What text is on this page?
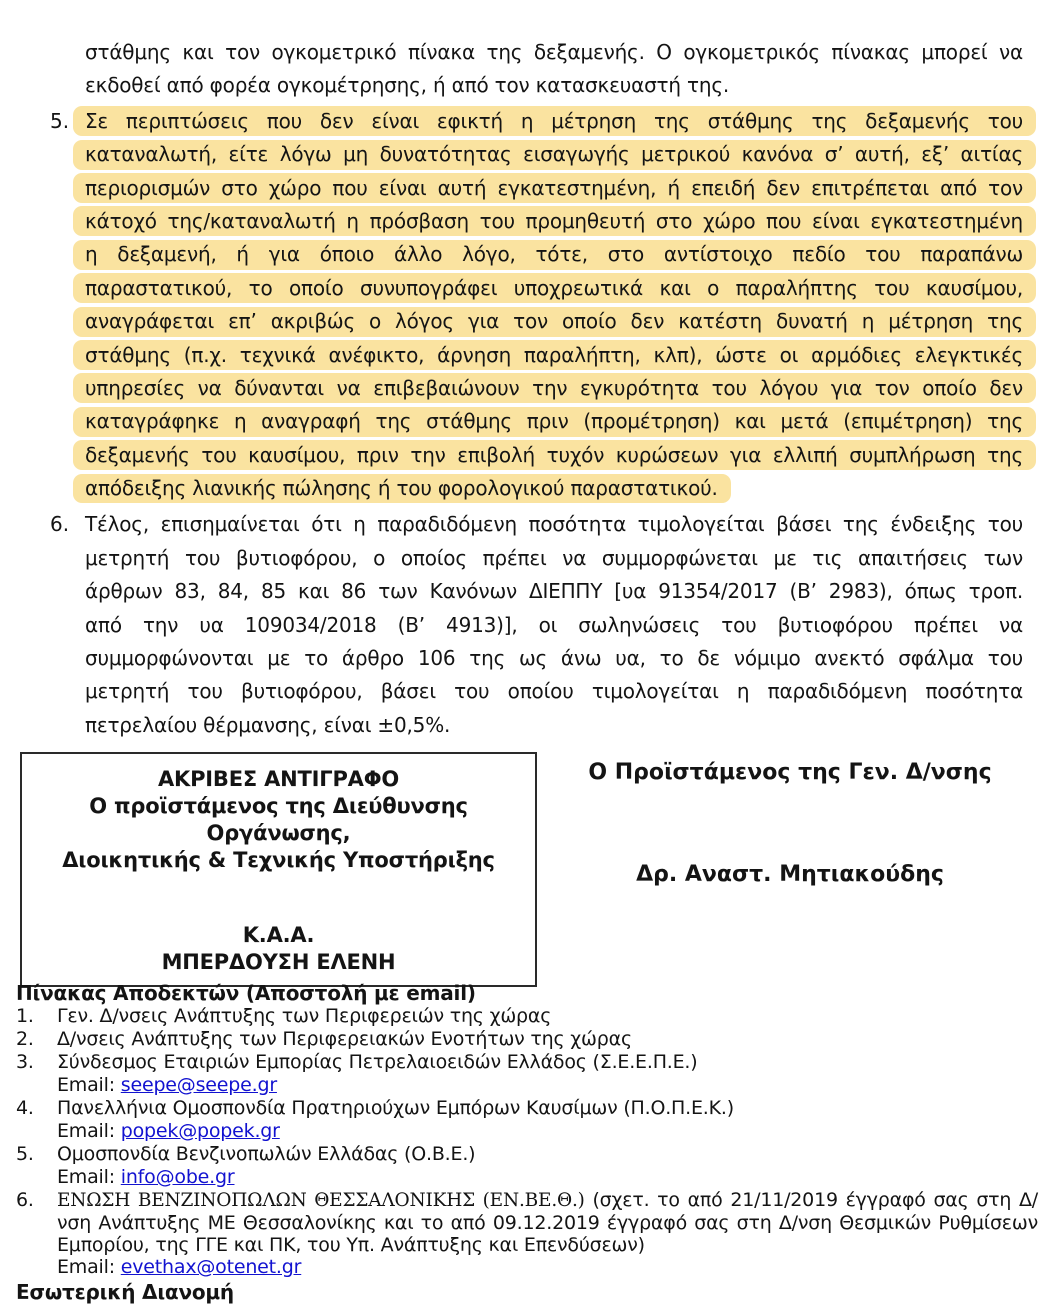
στάθμης και τον ογκομετρικό πίνακα της δεξαμενής. Ο ογκομετρικός πίνακας μπορεί να
εκδοθεί από φορέα ογκομέτρησης, ή από τον κατασκευαστή της.
5. Σε περιπτώσεις που δεν είναι εφικτή η μέτρηση της στάθμης της δεξαμενής του
καταναλωτή, είτε λόγω μη δυνατότητας εισαγωγής μετρικού κανόνα σ’ αυτή, εξ’ αιτίας
περιορισμών στο χώρο που είναι αυτή εγκατεστημένη, ή επειδή δεν επιτρέπεται από τον
κάτοχό της/καταναλωτή η πρόσβαση του προμηθευτή στο χώρο που είναι εγκατεστημένη
η δεξαμενή, ή για όποιο άλλο λόγο, τότε, στο αντίστοιχο πεδίο του παραπάνω
παραστατικού, το οποίο συνυπογράφει υποχρεωτικά και ο παραλήπτης του καυσίμου,
αναγράφεται επ’ ακριβώς ο λόγος για τον οποίο δεν κατέστη δυνατή η μέτρηση της
στάθμης (π.χ. τεχνικά ανέφικτο, άρνηση παραλήπτη, κλπ), ώστε οι αρμόδιες ελεγκτικές
υπηρεσίες να δύνανται να επιβεβαιώνουν την εγκυρότητα του λόγου για τον οποίο δεν
καταγράφηκε η αναγραφή της στάθμης πριν (προμέτρηση) και μετά (επιμέτρηση) της
δεξαμενής του καυσίμου, πριν την επιβολή τυχόν κυρώσεων για ελλιπή συμπλήρωση της
απόδειξης λιανικής πώλησης ή του φορολογικού παραστατικού.
6. Τέλος, επισημαίνεται ότι η παραδιδόμενη ποσότητα τιμολογείται βάσει της ένδειξης του
μετρητή του βυτιοφόρου, ο οποίος πρέπει να συμμορφώνεται με τις απαιτήσεις των
άρθρων 83, 84, 85 και 86 των Κανόνων ΔΙΕΠΠΥ [υα 91354/2017 (Β’ 2983), όπως τροπ.
από την υα 109034/2018 (Β’ 4913)], οι σωληνώσεις του βυτιοφόρου πρέπει να
συμμορφώνονται με το άρθρο 106 της ως άνω υα, το δε νόμιμο ανεκτό σφάλμα του
μετρητή του βυτιοφόρου, βάσει του οποίου τιμολογείται η παραδιδόμενη ποσότητα
πετρελαίου θέρμανσης, είναι ±0,5%.
ΑΚΡΙΒΕΣ ΑΝΤΙΓΡΑΦΟ
Ο προϊστάμενος της Διεύθυνσης Οργάνωσης,
Διοικητικής & Τεχνικής Υποστήριξης
Κ.Α.Α.
ΜΠΕΡΔΟΥΣΗ ΕΛΕΝΗ
Ο Προϊστάμενος της Γεν. Δ/νσης
Δρ. Αναστ. Μητιακούδης
Πίνακας Αποδεκτών (Αποστολή με email)
1.	Γεν. Δ/νσεις Ανάπτυξης των Περιφερειών της χώρας
2.	Δ/νσεις Ανάπτυξης των Περιφερειακών Ενοτήτων της χώρας
3.	Σύνδεσμος Εταιριών Εμπορίας Πετρελαιοειδών Ελλάδος (Σ.Ε.Ε.Π.Ε.)
Email: seepe@seepe.gr
4.	Πανελλήνια Ομοσπονδία Πρατηριούχων Εμπόρων Καυσίμων (Π.Ο.Π.Ε.Κ.)
Email: popek@popek.gr
5.	Ομοσπονδία Βενζινοπωλών Ελλάδας (Ο.Β.Ε.)
Email: info@obe.gr
6.	ΕΝΩΣΗ ΒΕΝΖΙΝΟΠΩΛΩΝ ΘΕΣΣΑΛΟΝΙΚΗΣ (ΕΝ.ΒΕ.Θ.) (σχετ. το από 21/11/2019 έγγραφό σας στη Δ/νση Ανάπτυξης ΜΕ Θεσσαλονίκης και το από 09.12.2019 έγγραφό σας στη Δ/νση Θεσμικών Ρυθμίσεων Εμπορίου, της ΓΓΕ και ΠΚ, του Υπ. Ανάπτυξης και Επενδύσεων)
Email: evethax@otenet.gr
Εσωτερική Διανομή
